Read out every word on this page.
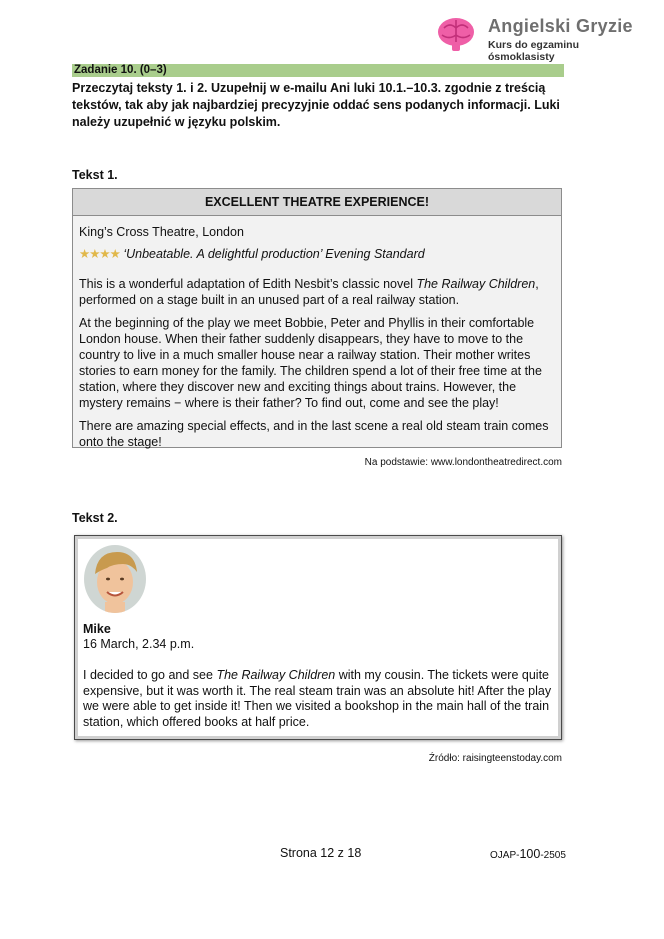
Angielski Gryzie
Kurs do egzaminu ósmoklasisty
Zadanie 10. (0–3)
Przeczytaj teksty 1. i 2. Uzupełnij w e-mailu Ani luki 10.1.–10.3. zgodnie z treścią tekstów, tak aby jak najbardziej precyzyjnie oddać sens podanych informacji. Luki należy uzupełnić w języku polskim.
Tekst 1.
EXCELLENT THEATRE EXPERIENCE!

King’s Cross Theatre, London

★★★★ ‘Unbeatable. A delightful production’ Evening Standard

This is a wonderful adaptation of Edith Nesbit’s classic novel The Railway Children, performed on a stage built in an unused part of a real railway station.

At the beginning of the play we meet Bobbie, Peter and Phyllis in their comfortable London house. When their father suddenly disappears, they have to move to the country to live in a much smaller house near a railway station. Their mother writes stories to earn money for the family. The children spend a lot of their free time at the station, where they discover new and exciting things about trains. However, the mystery remains − where is their father? To find out, come and see the play!

There are amazing special effects, and in the last scene a real old steam train comes onto the stage!

Na podstawie: www.londontheatredirect.com
Tekst 2.
Mike
16 March, 2.34 p.m.
I decided to go and see The Railway Children with my cousin. The tickets were quite expensive, but it was worth it. The real steam train was an absolute hit! After the play we were able to get inside it! Then we visited a bookshop in the main hall of the train station, which offered books at half price.
Źródło: raisingteenstoday.com
Strona 12 z 18	OJAP-100-2505
